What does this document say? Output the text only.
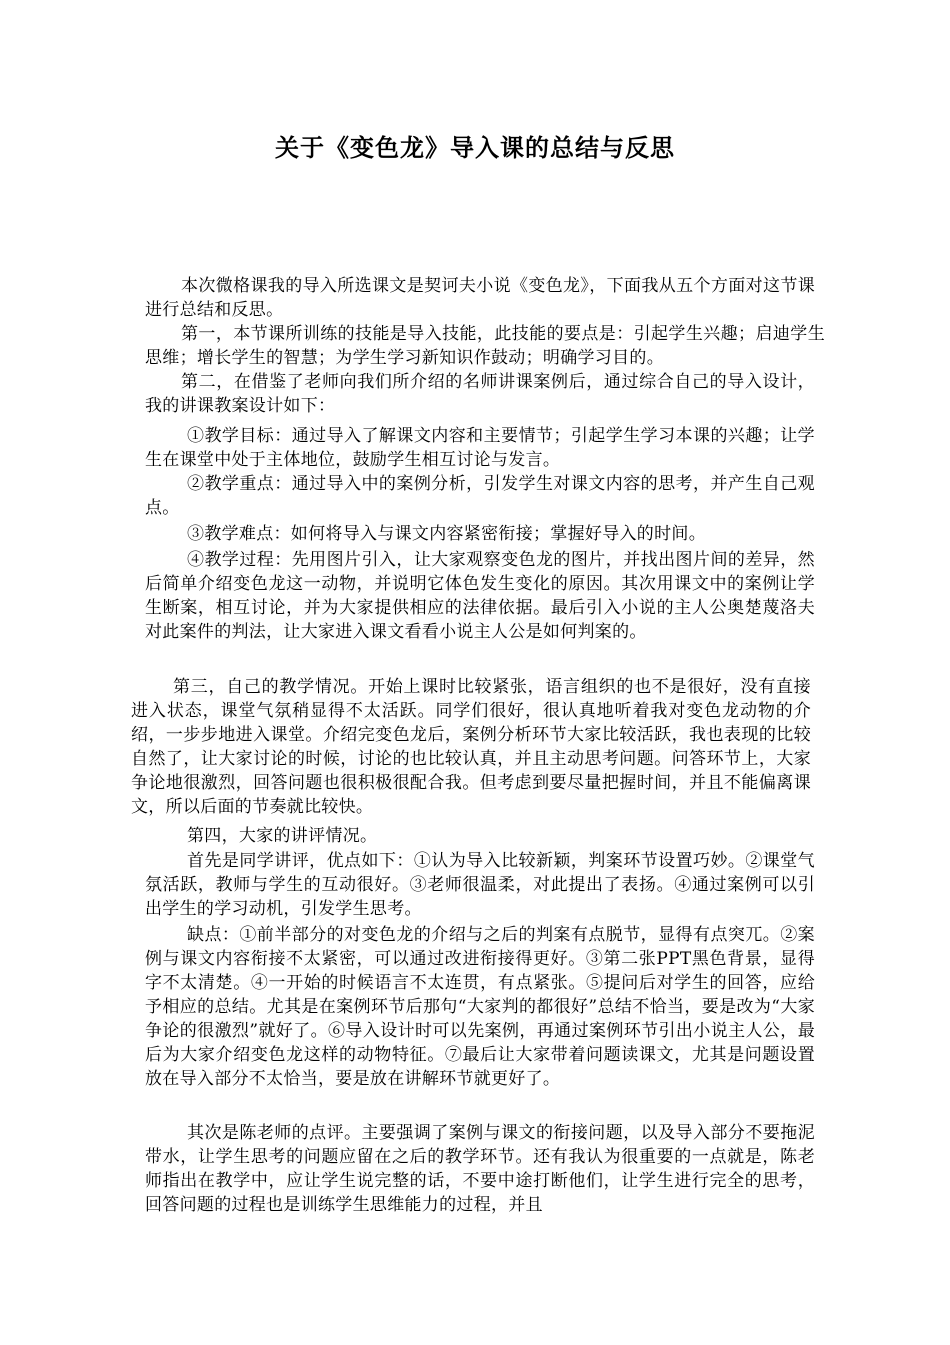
关于《变色龙》导入课的总结与反思

本次微格课我的导入所选课文是契诃夫小说《变色龙》，下面我从五个方面对这节课进行总结和反思。

第一，本节课所训练的技能是导入技能，此技能的要点是：引起学生兴趣；启迪学生思维；增长学生的智慧；为学生学习新知识作鼓动；明确学习目的。

第二，在借鉴了老师向我们所介绍的名师讲课案例后，通过综合自己的导入设计，我的讲课教案设计如下：

①教学目标：通过导入了解课文内容和主要情节；引起学生学习本课的兴趣；让学生在课堂中处于主体地位，鼓励学生相互讨论与发言。

②教学重点：通过导入中的案例分析，引发学生对课文内容的思考，并产生自己观点。

③教学难点：如何将导入与课文内容紧密衔接；掌握好导入的时间。

④教学过程：先用图片引入，让大家观察变色龙的图片，并找出图片间的差异，然后简单介绍变色龙这一动物，并说明它体色发生变化的原因。其次用课文中的案例让学生断案，相互讨论，并为大家提供相应的法律依据。最后引入小说的主人公奥楚蔑洛夫对此案件的判法，让大家进入课文看看小说主人公是如何判案的。

第三，自己的教学情况。开始上课时比较紧张，语言组织的也不是很好，没有直接进入状态，课堂气氛稍显得不太活跃。同学们很好，很认真地听着我对变色龙动物的介绍，一步步地进入课堂。介绍完变色龙后，案例分析环节大家比较活跃，我也表现的比较自然了，让大家讨论的时候，讨论的也比较认真，并且主动思考问题。问答环节上，大家争论地很激烈，回答问题也很积极很配合我。但考虑到要尽量把握时间，并且不能偏离课文，所以后面的节奏就比较快。

第四，大家的讲评情况。

首先是同学讲评，优点如下：①认为导入比较新颖，判案环节设置巧妙。②课堂气氛活跃，教师与学生的互动很好。③老师很温柔，对此提出了表扬。④通过案例可以引出学生的学习动机，引发学生思考。

缺点：①前半部分的对变色龙的介绍与之后的判案有点脱节，显得有点突兀。②案例与课文内容衔接不太紧密，可以通过改进衔接得更好。③第二张PPT黑色背景，显得字不太清楚。④一开始的时候语言不太连贯，有点紧张。⑤提问后对学生的回答，应给予相应的总结。尤其是在案例环节后那句“大家判的都很好”总结不恰当，要是改为“大家争论的很激烈”就好了。⑥导入设计时可以先案例，再通过案例环节引出小说主人公，最后为大家介绍变色龙这样的动物特征。⑦最后让大家带着问题读课文，尤其是问题设置放在导入部分不太恰当，要是放在讲解环节就更好了。

其次是陈老师的点评。主要强调了案例与课文的衔接问题，以及导入部分不要拖泥带水，让学生思考的问题应留在之后的教学环节。还有我认为很重要的一点就是，陈老师指出在教学中，应让学生说完整的话，不要中途打断他们，让学生进行完全的思考，回答问题的过程也是训练学生思维能力的过程，并且
